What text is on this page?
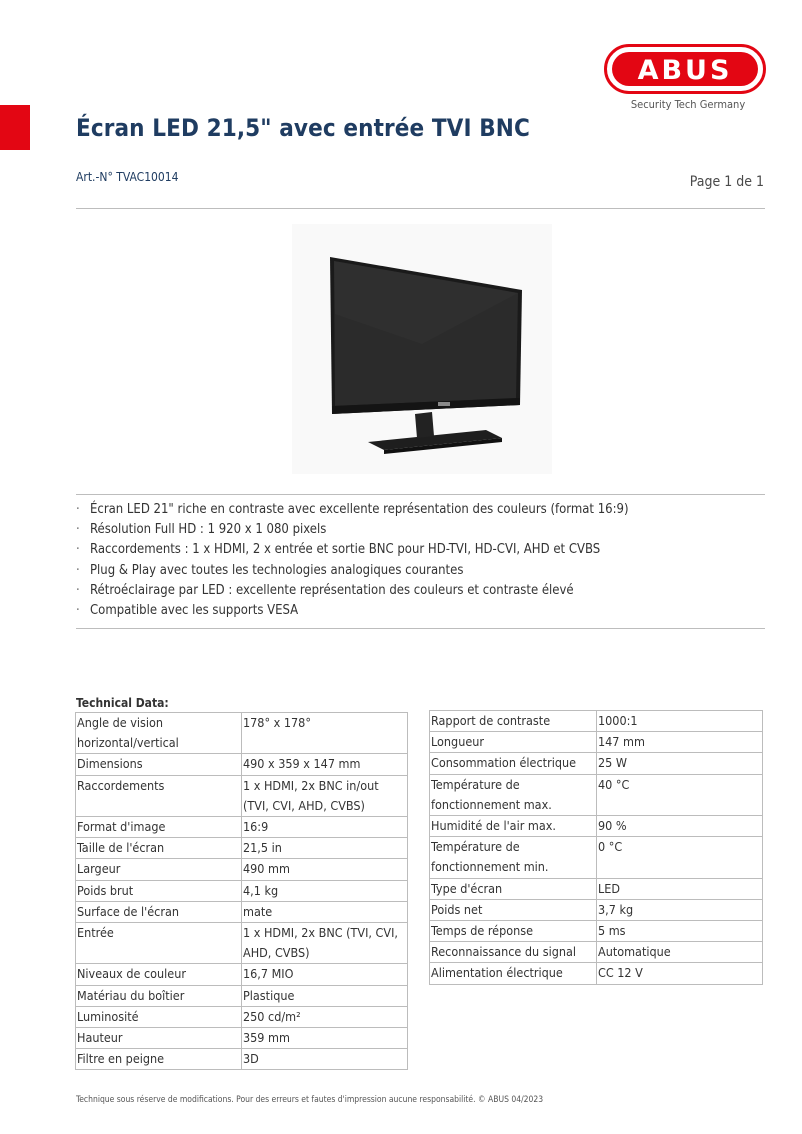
ABUS
Security Tech Germany
Écran LED 21,5" avec entrée TVI BNC
Art.-N° TVAC10014	Page 1 de 1
· Écran LED 21" riche en contraste avec excellente représentation des couleurs (format 16:9)
· Résolution Full HD : 1 920 x 1 080 pixels
· Raccordements : 1 x HDMI, 2 x entrée et sortie BNC pour HD-TVI, HD-CVI, AHD et CVBS
· Plug & Play avec toutes les technologies analogiques courantes
· Rétroéclairage par LED : excellente représentation des couleurs et contraste élevé
· Compatible avec les supports VESA
Technical Data:
Angle de vision horizontal/vertical	178° x 178°
Dimensions	490 x 359 x 147 mm
Raccordements	1 x HDMI, 2x BNC in/out
(TVI, CVI, AHD, CVBS)

Format d'image	16:9
Taille de l'écran	21,5 in
Largeur	490 mm
Poids brut	4,1 kg
Surface de l'écran	mate
Entrée	1 x HDMI, 2x BNC (TVI, CVI,
AHD, CVBS)

Niveaux de couleur	16,7 MIO
Matériau du boîtier	Plastique
Luminosité	250 cd/m²
Hauteur	359 mm
Filtre en peigne	3D
Rapport de contraste	1000:1
Longueur	147 mm
Consommation électrique	25 W
Température de fonctionnement max.	40 °C
Humidité de l'air max.	90 %
Température de fonctionnement min.	0 °C
Type d'écran	LED
Poids net	3,7 kg
Temps de réponse	5 ms
Reconnaissance du signal	Automatique
Alimentation électrique	CC 12 V
Technique sous réserve de modifications. Pour des erreurs et fautes d'impression aucune responsabilité. © ABUS 04/2023
